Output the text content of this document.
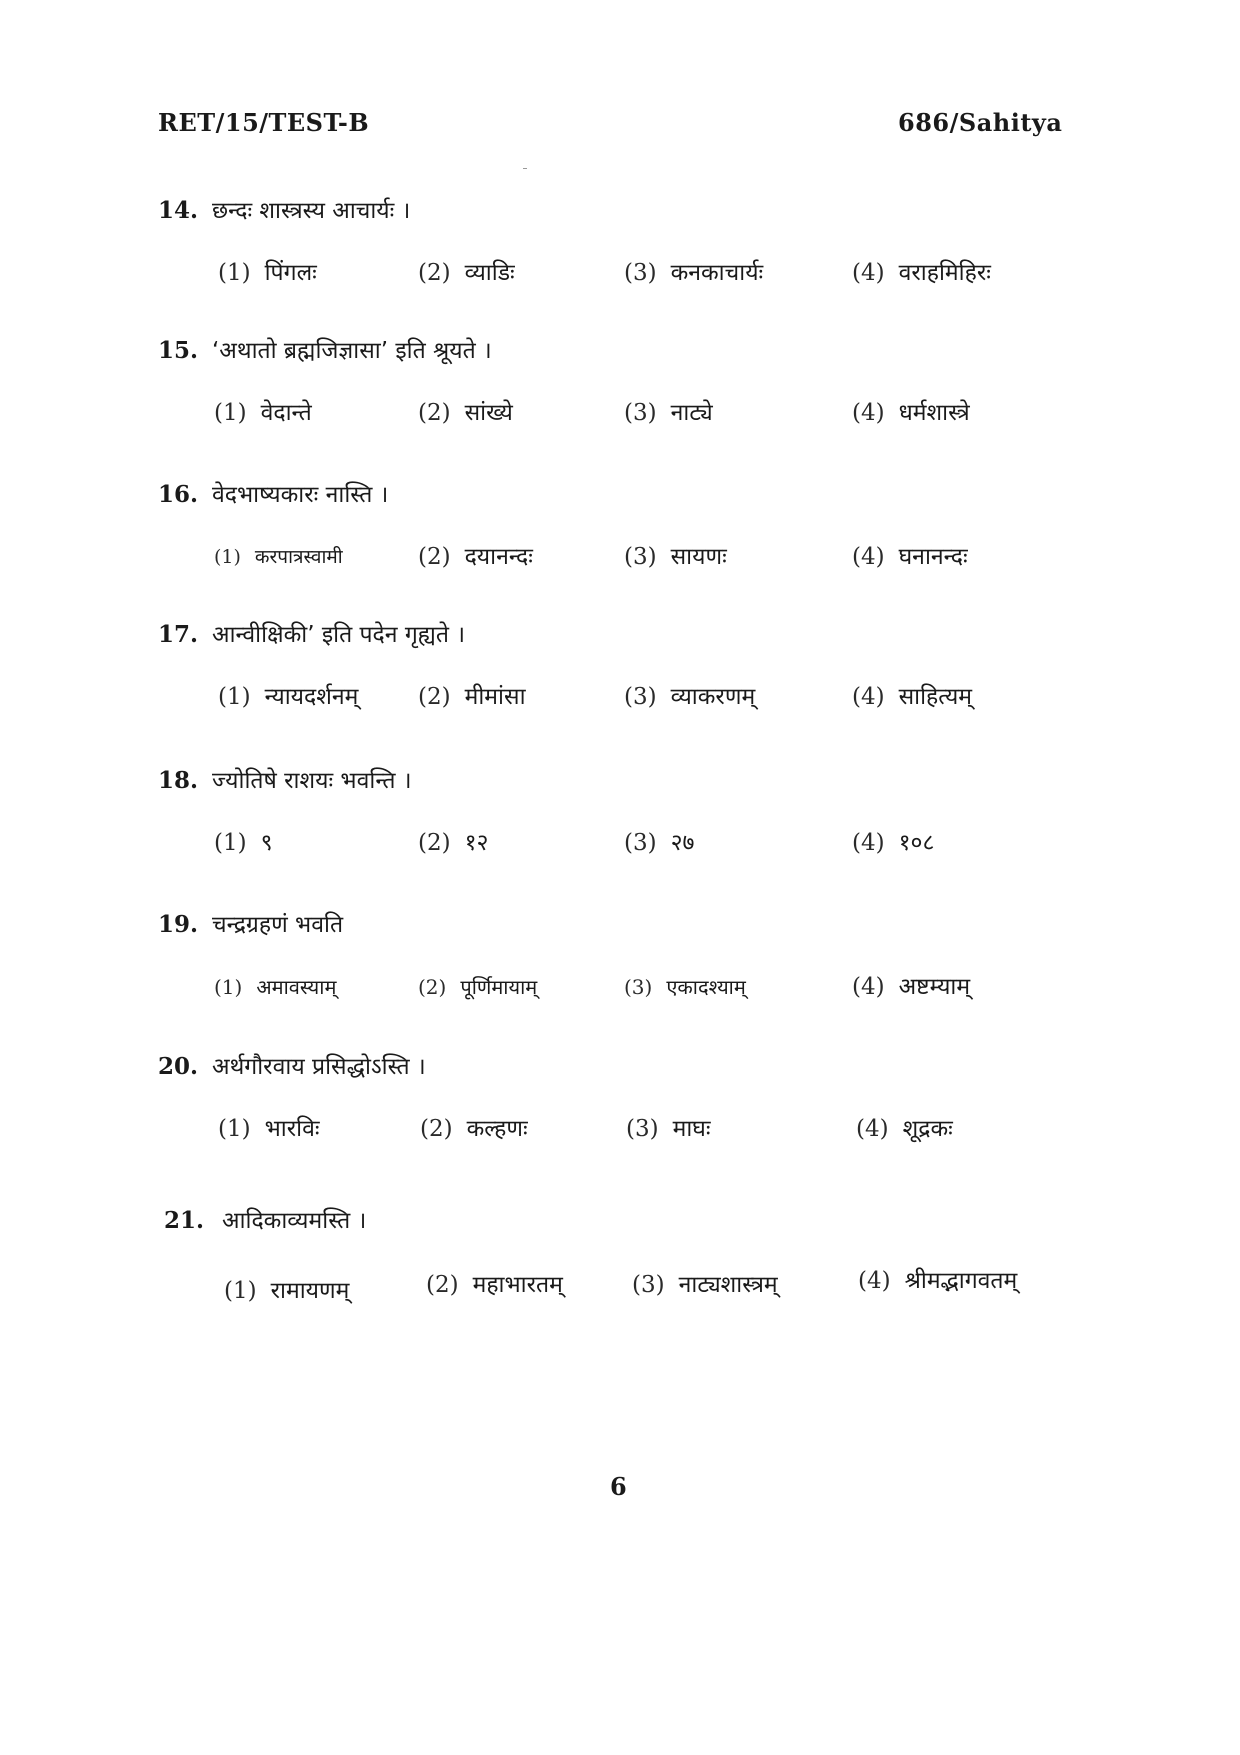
RET/15/TEST-B	686/Sahitya
14. छन्दः शास्त्रस्य आचार्यः ।
(1) पिंगलः	(2) व्याडिः	(3) कनकाचार्यः	(4) वराहमिहिरः
15. ‘अथातो ब्रह्मजिज्ञासा’ इति श्रूयते ।
(1) वेदान्ते	(2) सांख्ये	(3) नाट्ये	(4) धर्मशास्त्रे
16. वेदभाष्यकारः नास्ति ।
(1) करपात्रस्वामी	(2) दयानन्दः	(3) सायणः	(4) घनानन्दः
17. आन्वीक्षिकी’ इति पदेन गृह्यते ।
(1) न्यायदर्शनम्	(2) मीमांसा	(3) व्याकरणम्	(4) साहित्यम्
18. ज्योतिषे राशयः भवन्ति ।
(1) ९	(2) १२	(3) २७	(4) १०८
19. चन्द्रग्रहणं भवति
(1) अमावस्याम्	(2) पूर्णिमायाम्	(3) एकादश्याम्	(4) अष्टम्याम्
20. अर्थगौरवाय प्रसिद्धोऽस्ति ।
(1) भारविः	(2) कल्हणः	(3) माघः	(4) शूद्रकः
21. आदिकाव्यमस्ति ।
(1) रामायणम्	(2) महाभारतम्	(3) नाट्यशास्त्रम्	(4) श्रीमद्भागवतम्
6
